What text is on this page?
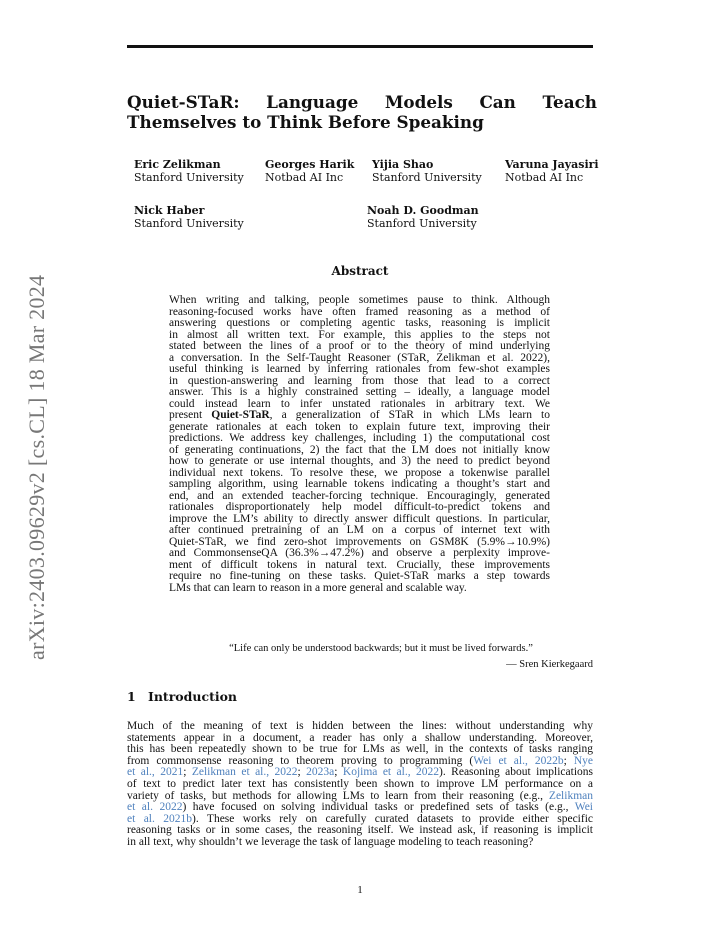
Quiet-STaR: Language Models Can Teach Themselves to Think Before Speaking
Eric Zelikman
Stanford University
Georges Harik
Notbad AI Inc
Yijia Shao
Stanford University
Varuna Jayasiri
Notbad AI Inc
Nick Haber
Stanford University
Noah D. Goodman
Stanford University
arXiv:2403.09629v2 [cs.CL] 18 Mar 2024
Abstract
When writing and talking, people sometimes pause to think. Although
reasoning-focused works have often framed reasoning as a method of
answering questions or completing agentic tasks, reasoning is implicit
in almost all written text. For example, this applies to the steps not
stated between the lines of a proof or to the theory of mind underlying
a conversation. In the Self-Taught Reasoner (STaR, Zelikman et al. 2022),
useful thinking is learned by inferring rationales from few-shot examples
in question-answering and learning from those that lead to a correct
answer. This is a highly constrained setting – ideally, a language model
could instead learn to infer unstated rationales in arbitrary text. We
present Quiet-STaR, a generalization of STaR in which LMs learn to
generate rationales at each token to explain future text, improving their
predictions. We address key challenges, including 1) the computational cost
of generating continuations, 2) the fact that the LM does not initially know
how to generate or use internal thoughts, and 3) the need to predict beyond
individual next tokens. To resolve these, we propose a tokenwise parallel
sampling algorithm, using learnable tokens indicating a thought’s start and
end, and an extended teacher-forcing technique. Encouragingly, generated
rationales disproportionately help model difficult-to-predict tokens and
improve the LM’s ability to directly answer difficult questions. In particular,
after continued pretraining of an LM on a corpus of internet text with
Quiet-STaR, we find zero-shot improvements on GSM8K (5.9%→10.9%)
and CommonsenseQA (36.3%→47.2%) and observe a perplexity improve-
ment of difficult tokens in natural text. Crucially, these improvements
require no fine-tuning on these tasks. Quiet-STaR marks a step towards
LMs that can learn to reason in a more general and scalable way.
“Life can only be understood backwards; but it must be lived forwards.”
— Sren Kierkegaard
1 Introduction
Much of the meaning of text is hidden between the lines: without understanding why
statements appear in a document, a reader has only a shallow understanding. Moreover,
this has been repeatedly shown to be true for LMs as well, in the contexts of tasks ranging
from commonsense reasoning to theorem proving to programming (Wei et al., 2022b; Nye
et al., 2021; Zelikman et al., 2022; 2023a; Kojima et al., 2022). Reasoning about implications
of text to predict later text has consistently been shown to improve LM performance on a
variety of tasks, but methods for allowing LMs to learn from their reasoning (e.g., Zelikman
et al. 2022) have focused on solving individual tasks or predefined sets of tasks (e.g., Wei
et al. 2021b). These works rely on carefully curated datasets to provide either specific
reasoning tasks or in some cases, the reasoning itself. We instead ask, if reasoning is implicit
in all text, why shouldn’t we leverage the task of language modeling to teach reasoning?
1
